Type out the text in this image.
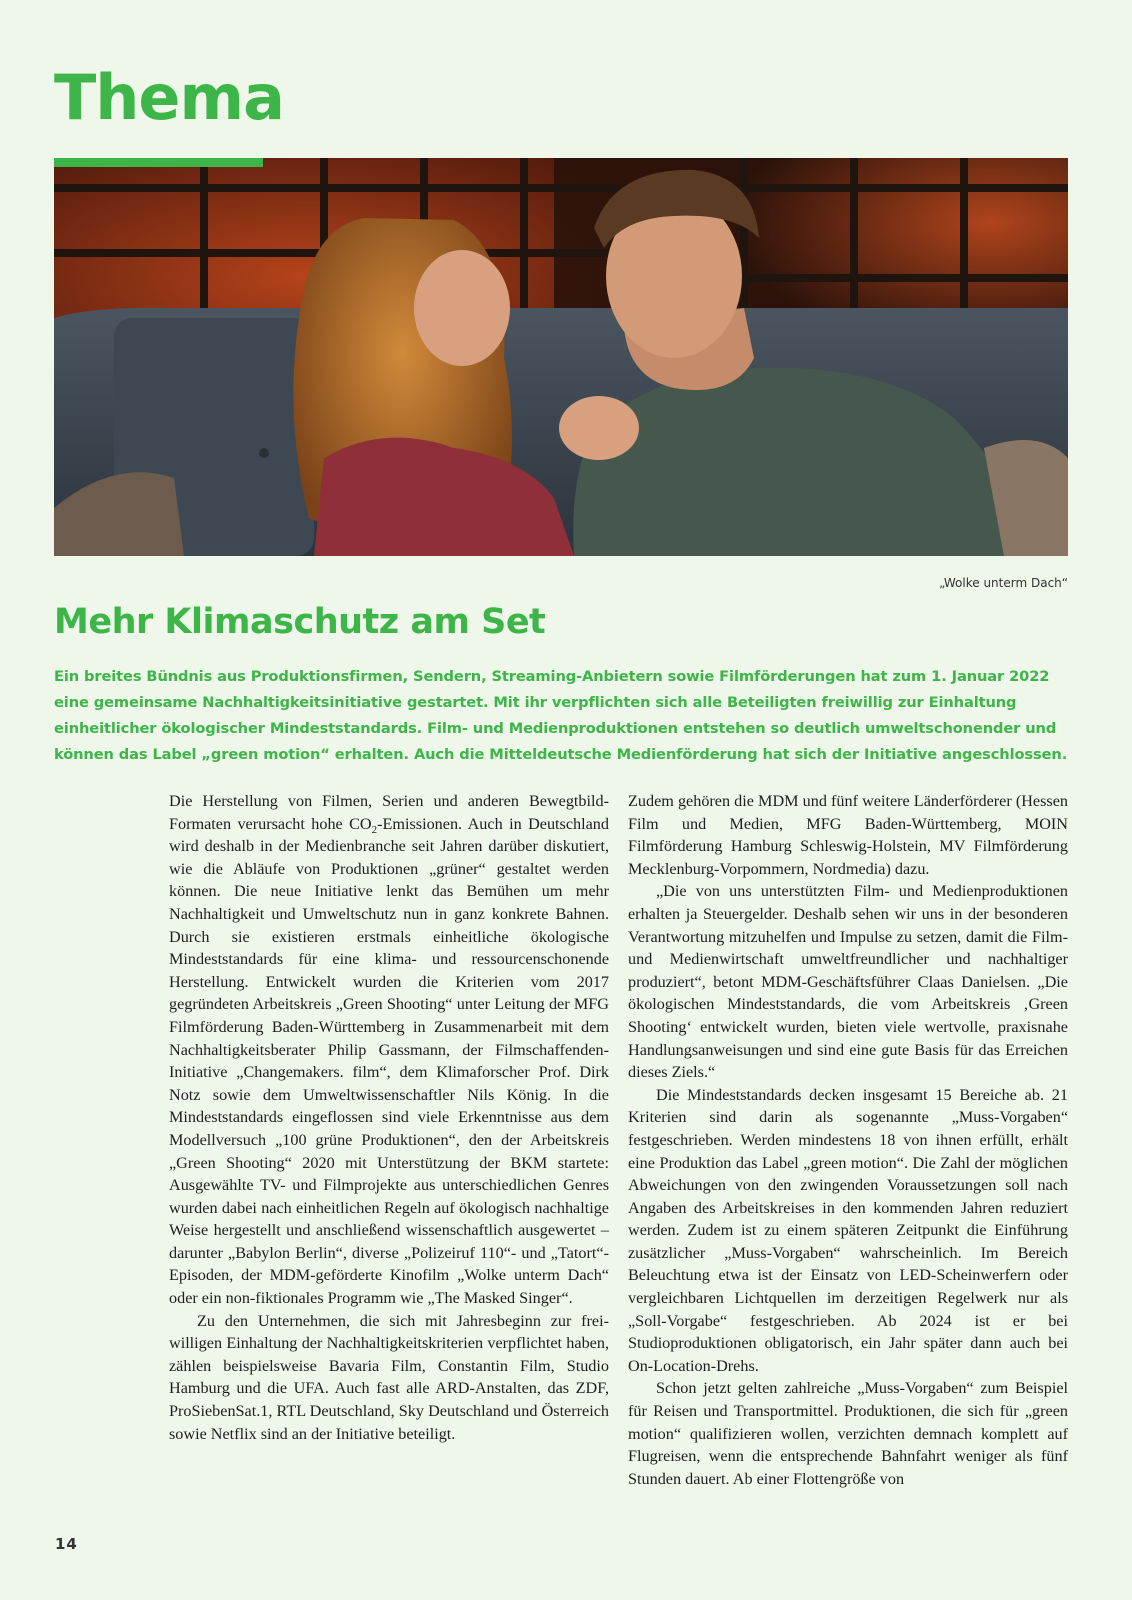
Thema
„Wolke unterm Dach“
Mehr Klimaschutz am Set

Ein breites Bündnis aus Produktionsfirmen, Sendern, Streaming-Anbietern sowie Filmförderungen hat zum 1. Januar 2022
eine gemeinsame Nachhaltigkeitsinitiative gestartet. Mit ihr verpflichten sich alle Beteiligten freiwillig zur Einhaltung
einheitlicher ökologischer Mindeststandards. Film- und Medienproduktionen entstehen so deutlich umweltschonender und
können das Label „green motion“ erhalten. Auch die Mitteldeutsche Medienförderung hat sich der Initiative angeschlossen.

Die Herstellung von Filmen, Serien und anderen Bewegtbild-Formaten verursacht hohe $CO_2$-Emissionen. Auch in Deutschland wird deshalb in der Medienbranche seit Jahren darüber diskutiert, wie die Abläufe von Produktionen „grüner“ gestaltet werden können. Die neue Initiative lenkt das Bemühen um mehr Nachhaltigkeit und Umweltschutz nun in ganz konkrete Bahnen. Durch sie existieren erstmals einheitliche ökologische Mindeststandards für eine klima- und ressourcenschonende Herstellung. Entwickelt wurden die Kriterien vom 2017 gegründeten Arbeitskreis „Green Shooting“ unter Leitung der MFG Filmförderung Baden-Württemberg in Zusammenarbeit mit dem Nachhaltigkeitsberater Philip Gassmann, der Filmschaffenden-Initiative „Changemakers. film“, dem Klimaforscher Prof. Dirk Notz sowie dem Umweltwissenschaftler Nils König. In die Mindeststandards eingeflossen sind viele Erkenntnisse aus dem Modellversuch „100 grüne Produktionen“, den der Arbeitskreis „Green Shooting“ 2020 mit Unterstützung der BKM startete: Ausgewählte TV- und Filmprojekte aus unterschiedlichen Genres wurden dabei nach einheitlichen Regeln auf ökologisch nachhaltige Weise hergestellt und anschließend wissenschaftlich ausgewertet – darunter „Babylon Berlin“, diverse „Polizeiruf 110“- und „Tatort“-Episoden, der MDM-geförderte Kinofilm „Wolke unterm Dach“ oder ein non-fiktionales Programm wie „The Masked Singer“.

Zu den Unternehmen, die sich mit Jahresbeginn zur freiwilligen Einhaltung der Nachhaltigkeitskriterien verpflichtet haben, zählen beispielsweise Bavaria Film, Constantin Film, Studio Hamburg und die UFA. Auch fast alle ARD-Anstalten, das ZDF, ProSiebenSat.1, RTL Deutschland, Sky Deutschland und Österreich sowie Netflix sind an der Initiative beteiligt.

Zudem gehören die MDM und fünf weitere Länderförderer (Hessen Film und Medien, MFG Baden-Württemberg, MOIN Filmförderung Hamburg Schleswig-Holstein, MV Filmförderung Mecklenburg-Vorpommern, Nordmedia) dazu.

„Die von uns unterstützten Film- und Medienproduktionen erhalten ja Steuergelder. Deshalb sehen wir uns in der besonderen Verantwortung mitzuhelfen und Impulse zu setzen, damit die Film- und Medienwirtschaft umweltfreundlicher und nachhaltiger produziert“, betont MDM-Geschäftsführer Claas Danielsen. „Die ökologischen Mindeststandards, die vom Arbeitskreis ‚Green Shooting‘ entwickelt wurden, bieten viele wertvolle, praxisnahe Handlungsanweisungen und sind eine gute Basis für das Erreichen dieses Ziels.“

Die Mindeststandards decken insgesamt 15 Bereiche ab. 21 Kriterien sind darin als sogenannte „Muss-Vorgaben“ festgeschrieben. Werden mindestens 18 von ihnen erfüllt, erhält eine Produktion das Label „green motion“. Die Zahl der möglichen Abweichungen von den zwingenden Voraussetzungen soll nach Angaben des Arbeitskreises in den kommenden Jahren reduziert werden. Zudem ist zu einem späteren Zeitpunkt die Einführung zusätzlicher „Muss-Vorgaben“ wahrscheinlich. Im Bereich Beleuchtung etwa ist der Einsatz von LED-Scheinwerfern oder vergleichbaren Lichtquellen im derzeitigen Regelwerk nur als „Soll-Vorgabe“ festgeschrieben. Ab 2024 ist er bei Studioproduktionen obligatorisch, ein Jahr später dann auch bei On-Location-Drehs.

Schon jetzt gelten zahlreiche „Muss-Vorgaben“ zum Beispiel für Reisen und Transportmittel. Produktionen, die sich für „green motion“ qualifizieren wollen, verzichten demnach komplett auf Flugreisen, wenn die entsprechende Bahnfahrt weniger als fünf Stunden dauert. Ab einer Flottengröße von

14
